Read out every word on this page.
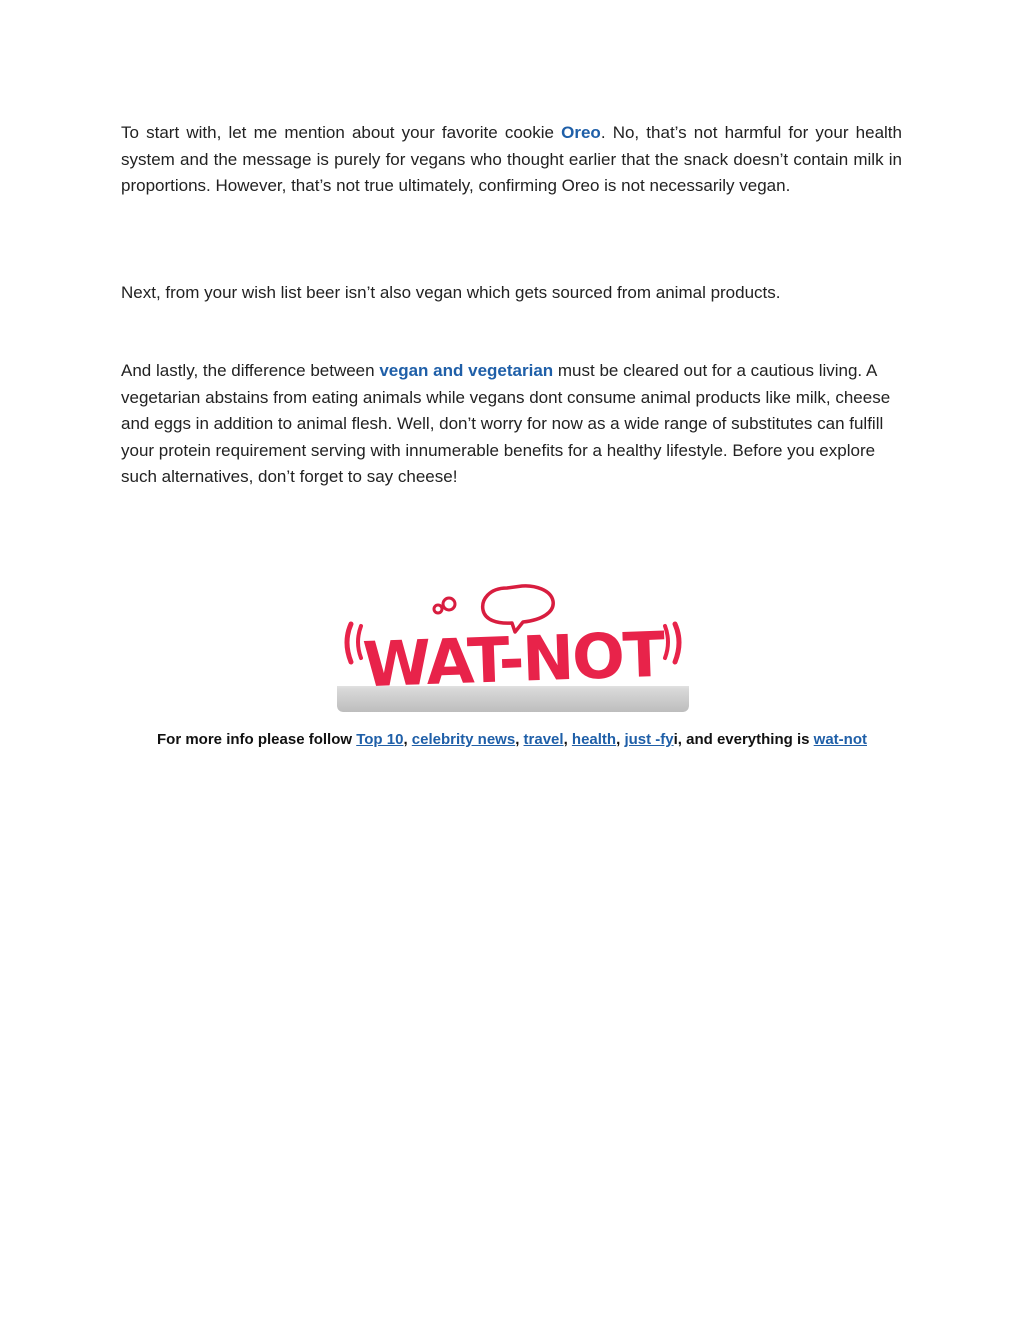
To start with, let me mention about your favorite cookie Oreo. No, that’s not harmful for your health system and the message is purely for vegans who thought earlier that the snack doesn’t contain milk in proportions. However, that’s not true ultimately, confirming Oreo is not necessarily vegan.

Next, from your wish list beer isn’t also vegan which gets sourced from animal products.

And lastly, the difference between vegan and vegetarian must be cleared out for a cautious living. A vegetarian abstains from eating animals while vegans dont consume animal products like milk, cheese and eggs in addition to animal flesh. Well, don’t worry for now as a wide range of substitutes can fulfill your protein requirement serving with innumerable benefits for a healthy lifestyle. Before you explore such alternatives, don’t forget to say cheese!

WAT-NOT

For more info please follow Top 10, celebrity news, travel, health, just -fyi, and everything is wat-not
